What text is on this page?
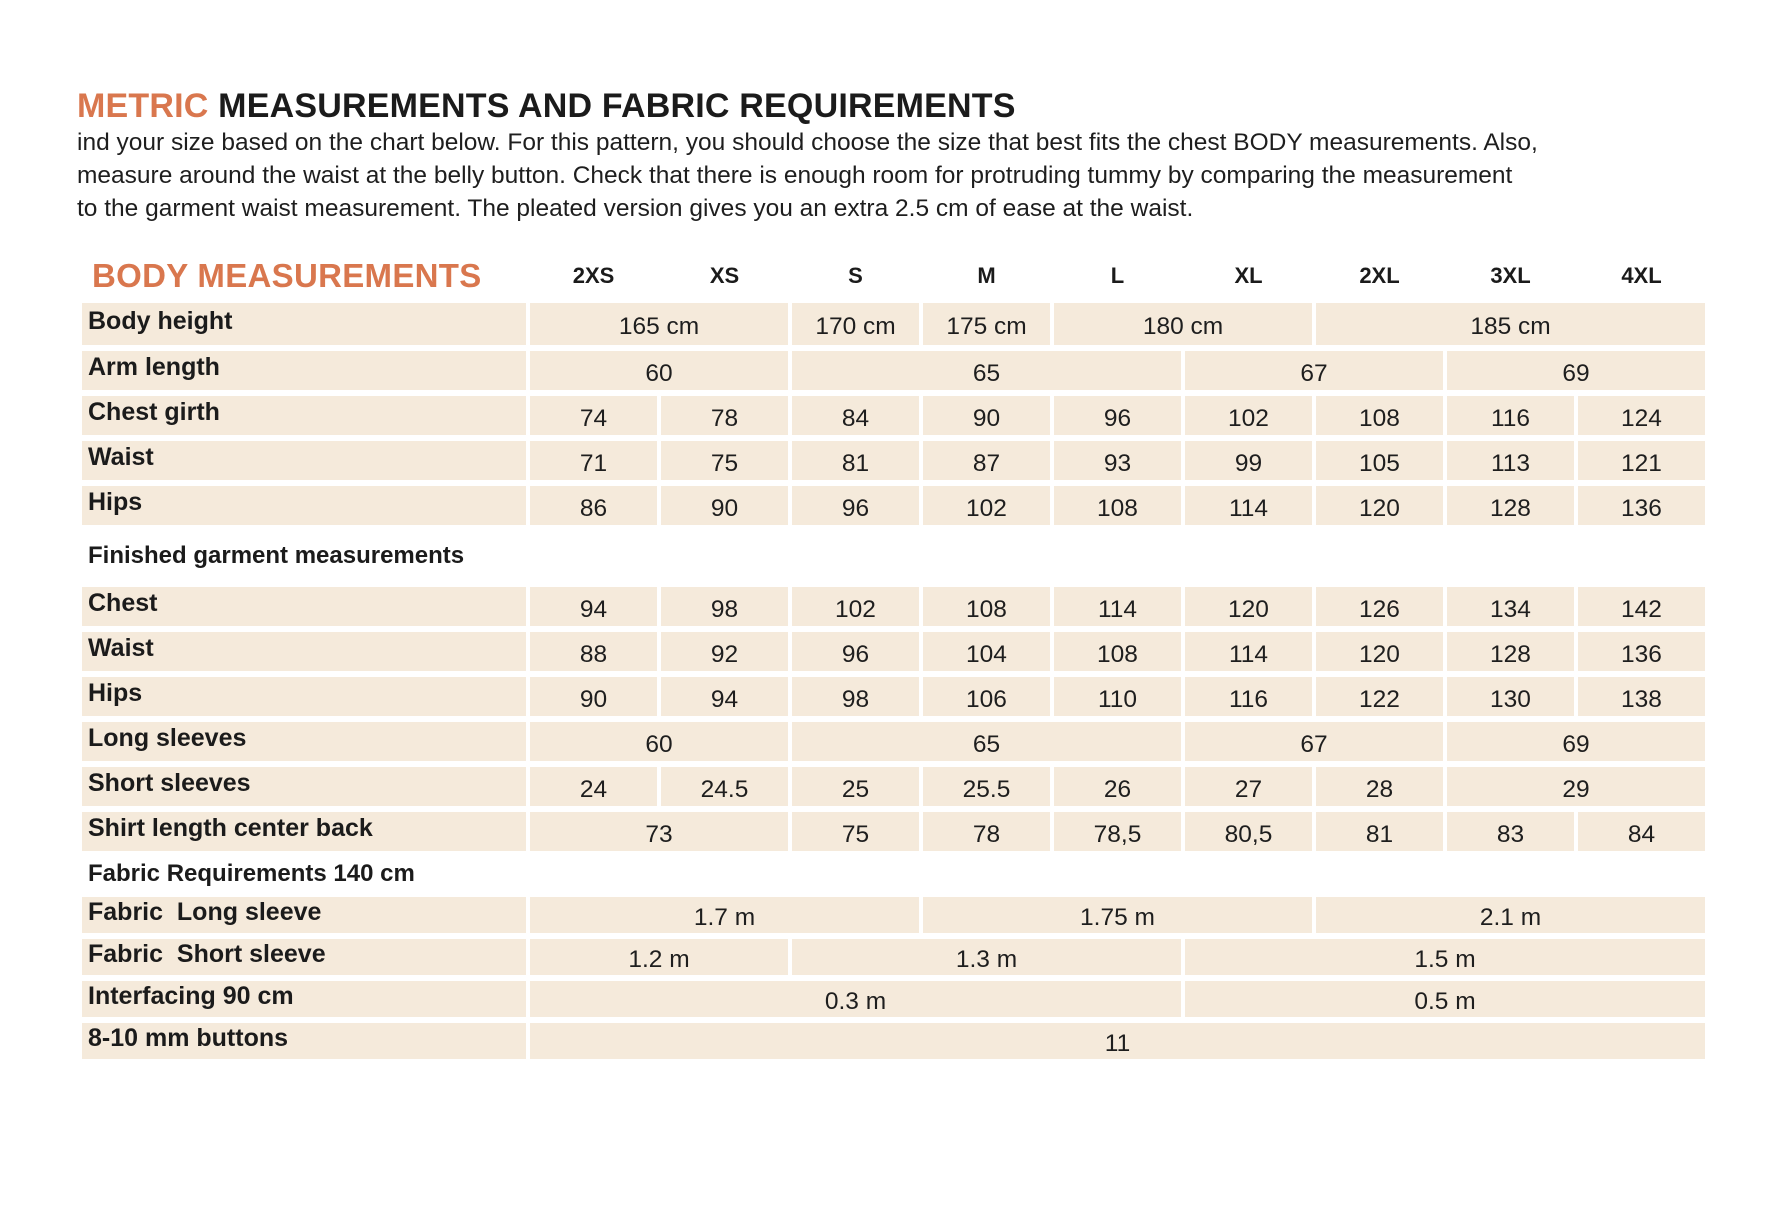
METRIC MEASUREMENTS AND FABRIC REQUIREMENTS
ind your size based on the chart below. For this pattern, you should choose the size that best fits the chest BODY measurements. Also,
measure around the waist at the belly button. Check that there is enough room for protruding tummy by comparing the measurement
to the garment waist measurement. The pleated version gives you an extra 2.5 cm of ease at the waist.
BODY MEASUREMENTS	2XS	XS	S	M	L	XL	2XL	3XL	4XL
Body height	165 cm	170 cm	175 cm	180 cm	185 cm
Arm length	60	65	67	69
Chest girth	74	78	84	90	96	102	108	116	124
Waist	71	75	81	87	93	99	105	113	121
Hips	86	90	96	102	108	114	120	128	136
Finished garment measurements
Chest	94	98	102	108	114	120	126	134	142
Waist	88	92	96	104	108	114	120	128	136
Hips	90	94	98	106	110	116	122	130	138
Long sleeves	60	65	67	69
Short sleeves	24	24.5	25	25.5	26	27	28	29
Shirt length center back	73	75	78	78,5	80,5	81	83	84
Fabric Requirements 140 cm
Fabric  Long sleeve	1.7 m	1.75 m	2.1 m
Fabric  Short sleeve	1.2 m	1.3 m	1.5 m
Interfacing 90 cm	0.3 m	0.5 m
8-10 mm buttons	11
